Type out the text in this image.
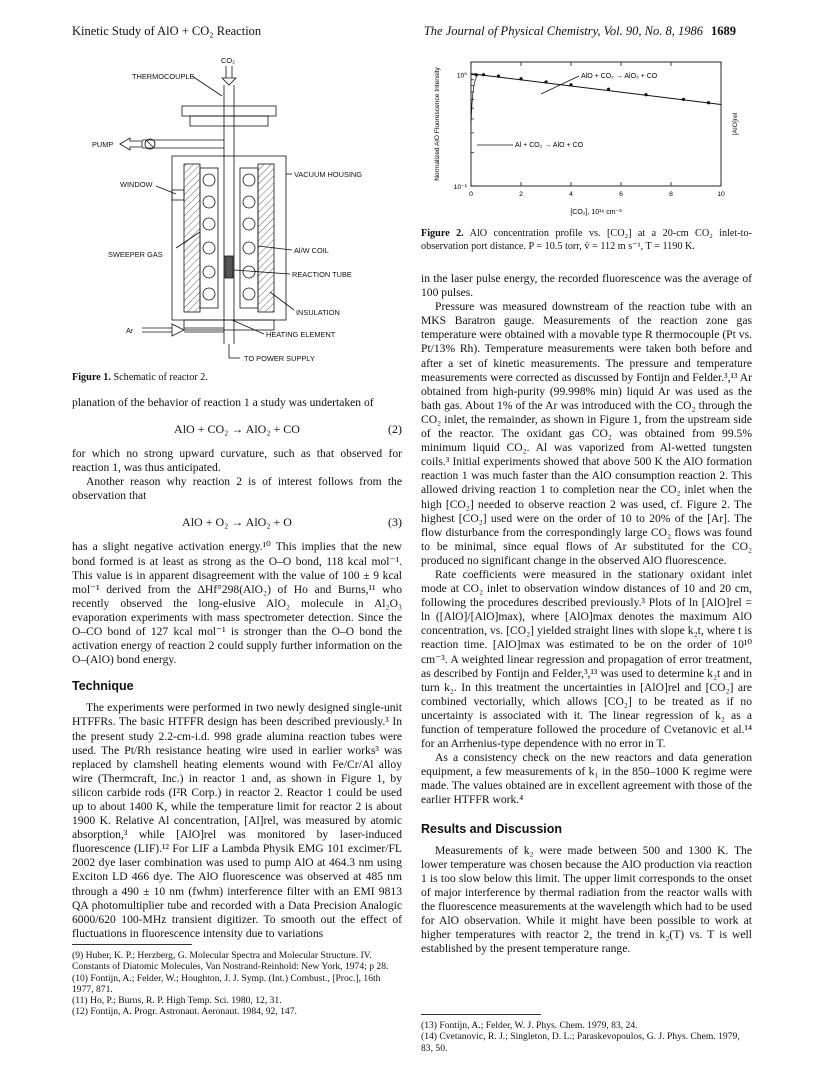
Kinetic Study of AlO + CO₂ Reaction	The Journal of Physical Chemistry, Vol. 90, No. 8, 1986 1689
CO₂
THERMOCOUPLE
PUMP
WINDOW
VACUUM HOUSING
SWEEPER GAS	Al/W COIL
REACTION TUBE
INSULATION
Ar	HEATING ELEMENT
TO POWER SUPPLY
Figure 1. Schematic of reactor 2.

planation of the behavior of reaction 1 a study was undertaken of

AlO + CO₂ → AlO₂ + CO	(2)

for which no strong upward curvature, such as that observed for reaction 1, was thus anticipated.

Another reason why reaction 2 is of interest follows from the observation that

AlO + O₂ → AlO₂ + O	(3)

has a slight negative activation energy.¹⁰ This implies that the new bond formed is at least as strong as the O–O bond, 118 kcal mol⁻¹. This value is in apparent disagreement with the value of 100 ± 9 kcal mol⁻¹ derived from the ΔHf°298(AlO₂) of Ho and Burns,¹¹ who recently observed the long-elusive AlO₂ molecule in Al₂O₃ evaporation experiments with mass spectrometer detection. Since the O–CO bond of 127 kcal mol⁻¹ is stronger than the O–O bond the activation energy of reaction 2 could supply further information on the O–(AlO) bond energy.

Technique

The experiments were performed in two newly designed single-unit HTFFRs. The basic HTFFR design has been described previously.³ In the present study 2.2-cm-i.d. 998 grade alumina reaction tubes were used. The Pt/Rh resistance heating wire used in earlier works³ was replaced by clamshell heating elements wound with Fe/Cr/Al alloy wire (Thermcraft, Inc.) in reactor 1 and, as shown in Figure 1, by silicon carbide rods (I²R Corp.) in reactor 2. Reactor 1 could be used up to about 1400 K, while the temperature limit for reactor 2 is about 1900 K. Relative Al concentration, [Al]rel, was measured by atomic absorption,³ while [AlO]rel was monitored by laser-induced fluorescence (LIF).¹² For LIF a Lambda Physik EMG 101 excimer/FL 2002 dye laser combination was used to pump AlO at 464.3 nm using Exciton LD 466 dye. The AlO fluorescence was observed at 485 nm through a 490 ± 10 nm (fwhm) interference filter with an EMI 9813 QA photomultiplier tube and recorded with a Data Precision Analogic 6000/620 100-MHz transient digitizer. To smooth out the effect of fluctuations in fluorescence intensity due to variations

(9) Huber, K. P.; Herzberg, G. Molecular Spectra and Molecular Structure. IV. Constants of Diatomic Molecules, Van Nostrand-Reinhold: New York, 1974; p 28.
(10) Fontijn, A.; Felder, W.; Houghton, J. J. Symp. (Int.) Combust., [Proc.], 16th 1977, 871.
(11) Ho, P.; Burns, R. P. High Temp. Sci. 1980, 12, 31.
(12) Fontijn, A. Progr. Astronaut. Aeronaut. 1984, 92, 147.
0	2	4	6	8	10
10⁰
10⁻¹
Normalized AlO Fluorescence Intensity	[AlO]rel
[CO₂], 10¹⁶ cm⁻³
AlO + CO₂ → AlO₂ + CO
Al + CO₂ → AlO + CO
Figure 2. AlO concentration profile vs. [CO₂] at a 20-cm CO₂ inlet-to-observation port distance. P = 10.5 torr, v̄ = 112 m s⁻¹, T = 1190 K.

in the laser pulse energy, the recorded fluorescence was the average of 100 pulses.

Pressure was measured downstream of the reaction tube with an MKS Baratron gauge. Measurements of the reaction zone gas temperature were obtained with a movable type R thermocouple (Pt vs. Pt/13% Rh). Temperature measurements were taken both before and after a set of kinetic measurements. The pressure and temperature measurements were corrected as discussed by Fontijn and Felder.³,¹³ Ar obtained from high-purity (99.998% min) liquid Ar was used as the bath gas. About 1% of the Ar was introduced with the CO₂ through the CO₂ inlet, the remainder, as shown in Figure 1, from the upstream side of the reactor. The oxidant gas CO₂ was obtained from 99.5% minimum liquid CO₂. Al was vaporized from Al-wetted tungsten coils.³ Initial experiments showed that above 500 K the AlO formation reaction 1 was much faster than the AlO consumption reaction 2. This allowed driving reaction 1 to completion near the CO₂ inlet when the high [CO₂] needed to observe reaction 2 was used, cf. Figure 2. The highest [CO₂] used were on the order of 10 to 20% of the [Ar]. The flow disturbance from the correspondingly large CO₂ flows was found to be minimal, since equal flows of Ar substituted for the CO₂ produced no significant change in the observed AlO fluorescence.

Rate coefficients were measured in the stationary oxidant inlet mode at CO₂ inlet to observation window distances of 10 and 20 cm, following the procedures described previously.³ Plots of ln [AlO]rel = ln ([AlO]/[AlO]max), where [AlO]max denotes the maximum AlO concentration, vs. [CO₂] yielded straight lines with slope k₂t, where t is reaction time. [AlO]max was estimated to be on the order of 10¹⁰ cm⁻³. A weighted linear regression and propagation of error treatment, as described by Fontijn and Felder,³,¹³ was used to determine k₂t and in turn k₂. In this treatment the uncertainties in [AlO]rel and [CO₂] are combined vectorially, which allows [CO₂] to be treated as if no uncertainty is associated with it. The linear regression of k₂ as a function of temperature followed the procedure of Cvetanovic et al.¹⁴ for an Arrhenius-type dependence with no error in T.

As a consistency check on the new reactors and data generation equipment, a few measurements of k₁ in the 850–1000 K regime were made. The values obtained are in excellent agreement with those of the earlier HTFFR work.⁴

Results and Discussion

Measurements of k₂ were made between 500 and 1300 K. The lower temperature was chosen because the AlO production via reaction 1 is too slow below this limit. The upper limit corresponds to the onset of major interference by thermal radiation from the reactor walls with the fluorescence measurements at the wavelength which had to be used for AlO observation. While it might have been possible to work at higher temperatures with reactor 2, the trend in k₂(T) vs. T is well established by the present temperature range.

(13) Fontijn, A.; Felder, W. J. Phys. Chem. 1979, 83, 24.
(14) Cvetanovic, R. J.; Singleton, D. L.; Paraskevopoulos, G. J. Phys. Chem. 1979, 83, 50.
